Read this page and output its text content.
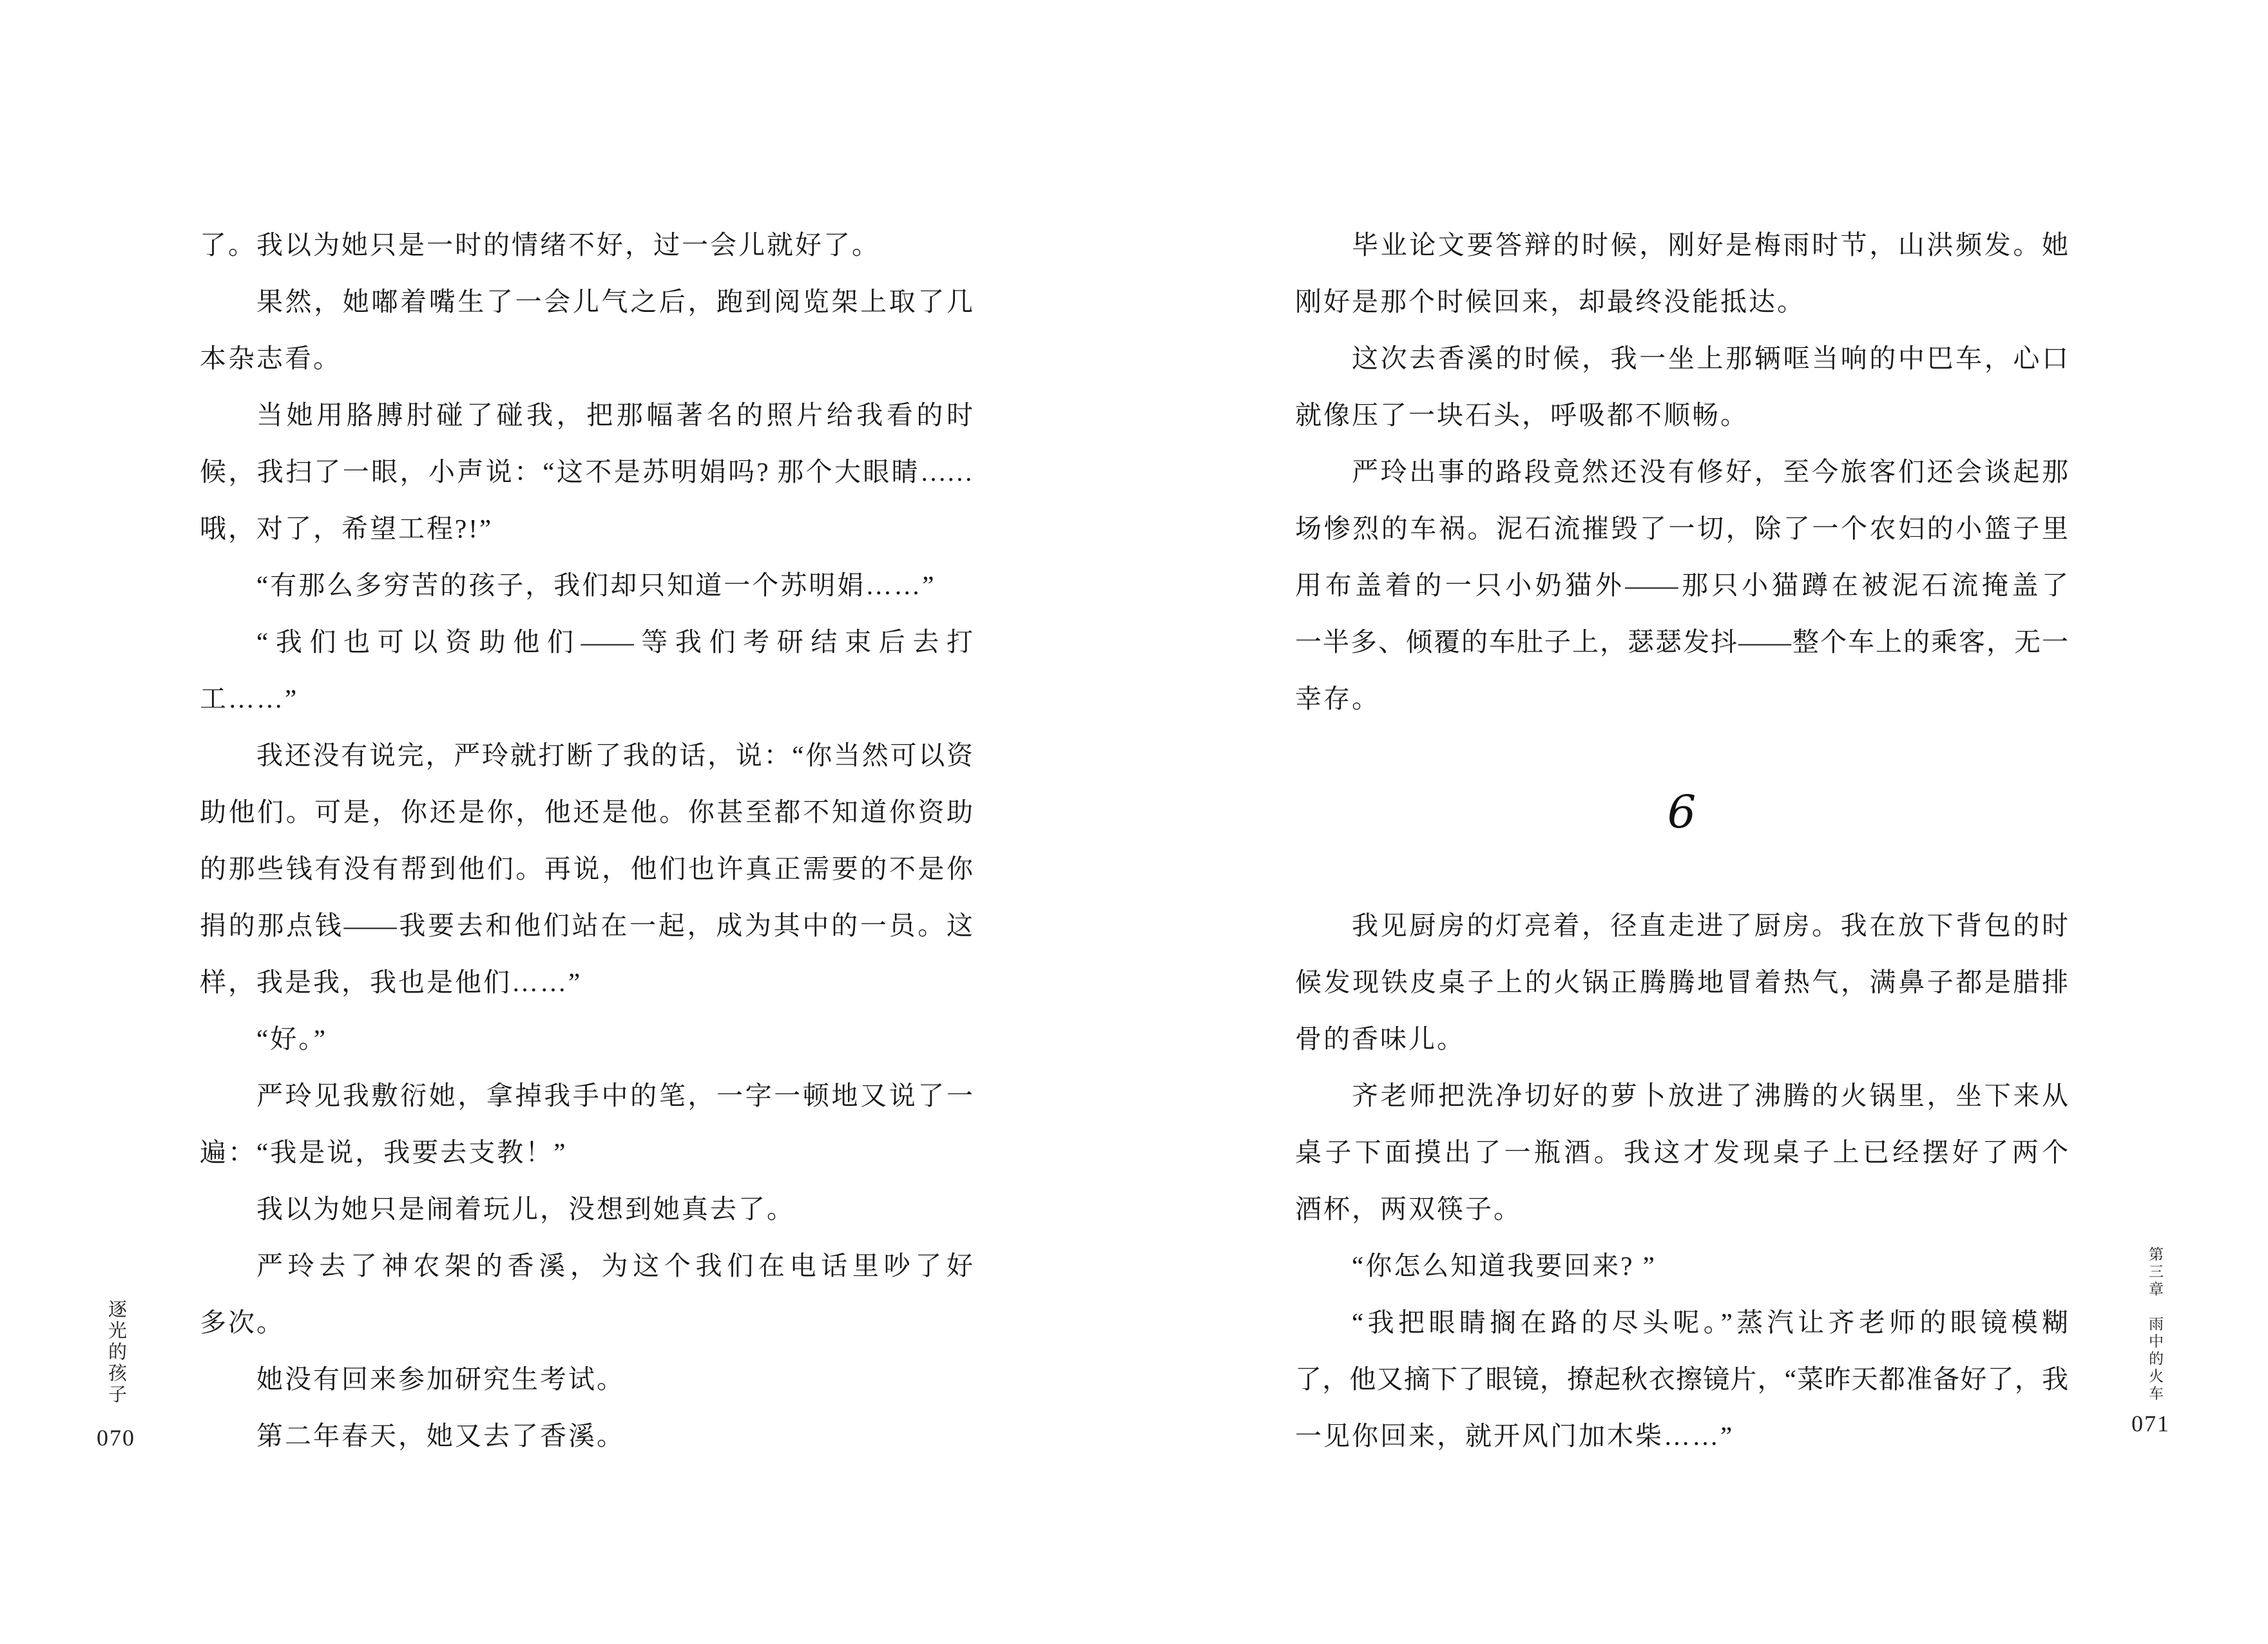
了。我以为她只是一时的情绪不好，过一会儿就好了。
果然，她嘟着嘴生了一会儿气之后，跑到阅览架上取了几
本杂志看。
当她用胳膊肘碰了碰我，把那幅著名的照片给我看的时
候，我扫了一眼，小声说：“这不是苏明娟吗? 那个大眼睛……
哦，对了，希望工程?!”
“有那么多穷苦的孩子，我们却只知道一个苏明娟……”
“我们也可以资助他们——等我们考研结束后去打
工……”
我还没有说完，严玲就打断了我的话，说：“你当然可以资
助他们。可是，你还是你，他还是他。你甚至都不知道你资助
的那些钱有没有帮到他们。再说，他们也许真正需要的不是你
捐的那点钱——我要去和他们站在一起，成为其中的一员。这
样，我是我，我也是他们……”
“好。”
严玲见我敷衍她，拿掉我手中的笔，一字一顿地又说了一
遍：“我是说，我要去支教！”
我以为她只是闹着玩儿，没想到她真去了。
严玲去了神农架的香溪，为这个我们在电话里吵了好
多次。
她没有回来参加研究生考试。
第二年春天，她又去了香溪。
逐光的孩子
070
毕业论文要答辩的时候，刚好是梅雨时节，山洪频发。她
刚好是那个时候回来，却最终没能抵达。
这次去香溪的时候，我一坐上那辆哐当响的中巴车，心口
就像压了一块石头，呼吸都不顺畅。
严玲出事的路段竟然还没有修好，至今旅客们还会谈起那
场惨烈的车祸。泥石流摧毁了一切，除了一个农妇的小篮子里
用布盖着的一只小奶猫外——那只小猫蹲在被泥石流掩盖了
一半多、倾覆的车肚子上，瑟瑟发抖——整个车上的乘客，无一
幸存。
6
我见厨房的灯亮着，径直走进了厨房。我在放下背包的时
候发现铁皮桌子上的火锅正腾腾地冒着热气，满鼻子都是腊排
骨的香味儿。
齐老师把洗净切好的萝卜放进了沸腾的火锅里，坐下来从
桌子下面摸出了一瓶酒。我这才发现桌子上已经摆好了两个
酒杯，两双筷子。
“你怎么知道我要回来? ”
“我把眼睛搁在路的尽头呢。”蒸汽让齐老师的眼镜模糊
了，他又摘下了眼镜，撩起秋衣擦镜片，“菜昨天都准备好了，我
一见你回来，就开风门加木柴……”
第三章　雨中的火车
071
